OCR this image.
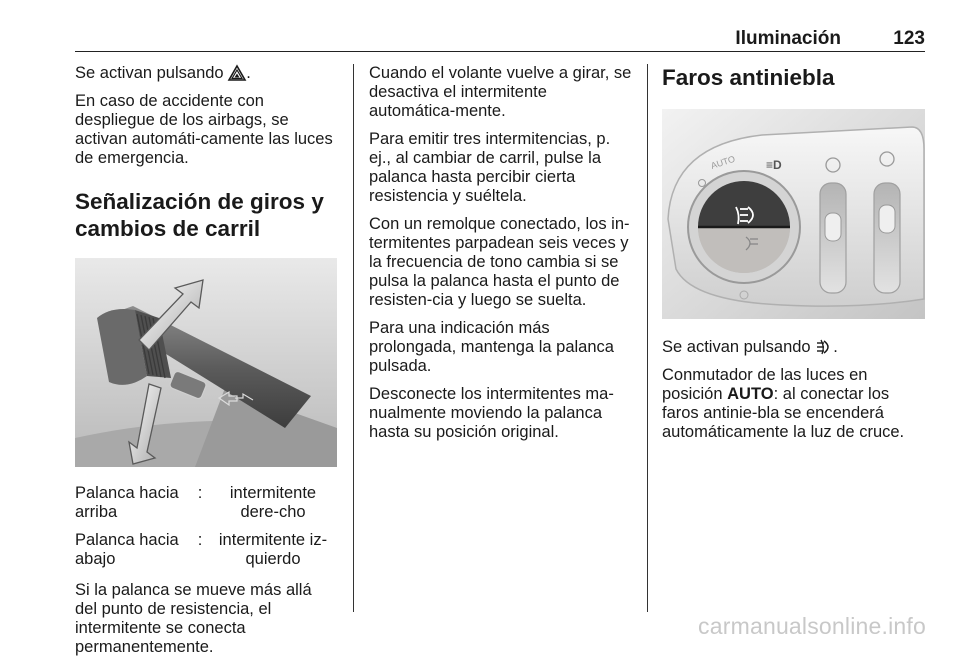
Iluminación	123

Se activan pulsando .

En caso de accidente con despliegue de los airbags, se activan automáti-camente las luces de emergencia.

Señalización de giros y cambios de carril
Palanca hacia arriba	:	intermitente dere-cho
Palanca hacia abajo	:	intermitente iz-quierdo

Si la palanca se mueve más allá del punto de resistencia, el intermitente se conecta permanentemente.

Cuando el volante vuelve a girar, se desactiva el intermitente automática-mente.

Para emitir tres intermitencias, p. ej., al cambiar de carril, pulse la palanca hasta percibir cierta resistencia y suéltela.

Con un remolque conectado, los in-termitentes parpadean seis veces y la frecuencia de tono cambia si se pulsa la palanca hasta el punto de resisten-cia y luego se suelta.

Para una indicación más prolongada, mantenga la palanca pulsada.

Desconecte los intermitentes ma-nualmente moviendo la palanca hasta su posición original.

Faros antiniebla
AUTO ≡D

Se activan pulsando .

Conmutador de las luces en posición AUTO: al conectar los faros antinie-bla se encenderá automáticamente la luz de cruce.

carmanualsonline.info
